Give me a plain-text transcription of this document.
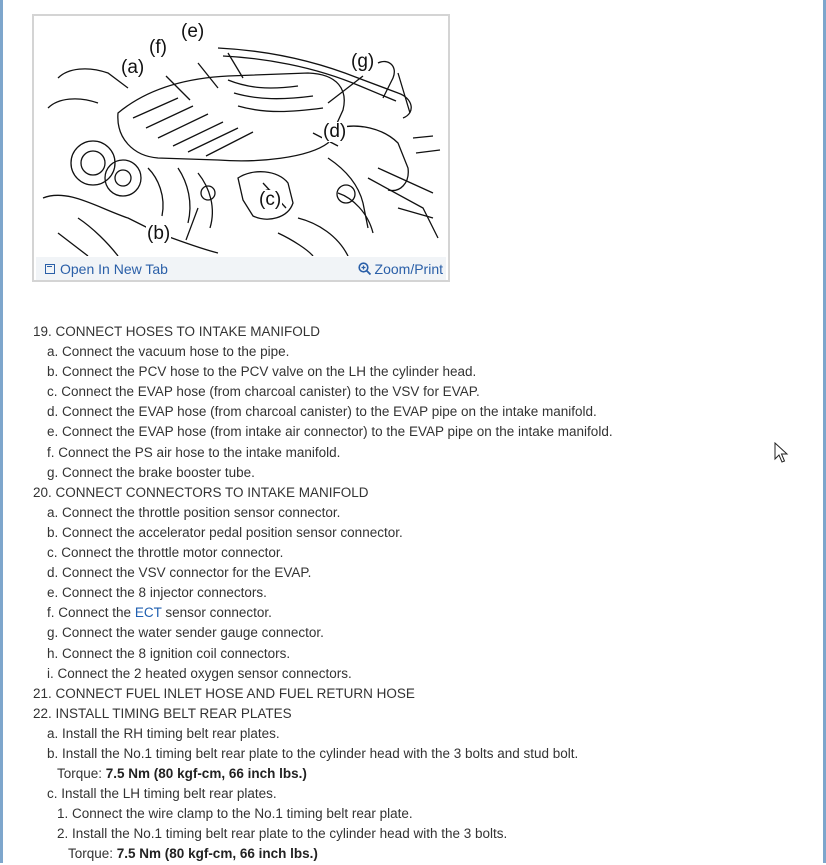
(a)
(b)
(c)
(d)
(e)
(f)
(g)
Open In New Tab	Zoom/Print
19. CONNECT HOSES TO INTAKE MANIFOLD
a. Connect the vacuum hose to the pipe.
b. Connect the PCV hose to the PCV valve on the LH the cylinder head.
c. Connect the EVAP hose (from charcoal canister) to the VSV for EVAP.
d. Connect the EVAP hose (from charcoal canister) to the EVAP pipe on the intake manifold.
e. Connect the EVAP hose (from intake air connector) to the EVAP pipe on the intake manifold.
f. Connect the PS air hose to the intake manifold.
g. Connect the brake booster tube.
20. CONNECT CONNECTORS TO INTAKE MANIFOLD
a. Connect the throttle position sensor connector.
b. Connect the accelerator pedal position sensor connector.
c. Connect the throttle motor connector.
d. Connect the VSV connector for the EVAP.
e. Connect the 8 injector connectors.
f. Connect the ECT sensor connector.
g. Connect the water sender gauge connector.
h. Connect the 8 ignition coil connectors.
i. Connect the 2 heated oxygen sensor connectors.
21. CONNECT FUEL INLET HOSE AND FUEL RETURN HOSE
22. INSTALL TIMING BELT REAR PLATES
a. Install the RH timing belt rear plates.
b. Install the No.1 timing belt rear plate to the cylinder head with the 3 bolts and stud bolt.
Torque: 7.5 Nm (80 kgf-cm, 66 inch lbs.)
c. Install the LH timing belt rear plates.
1. Connect the wire clamp to the No.1 timing belt rear plate.
2. Install the No.1 timing belt rear plate to the cylinder head with the 3 bolts.
Torque: 7.5 Nm (80 kgf-cm, 66 inch lbs.)
